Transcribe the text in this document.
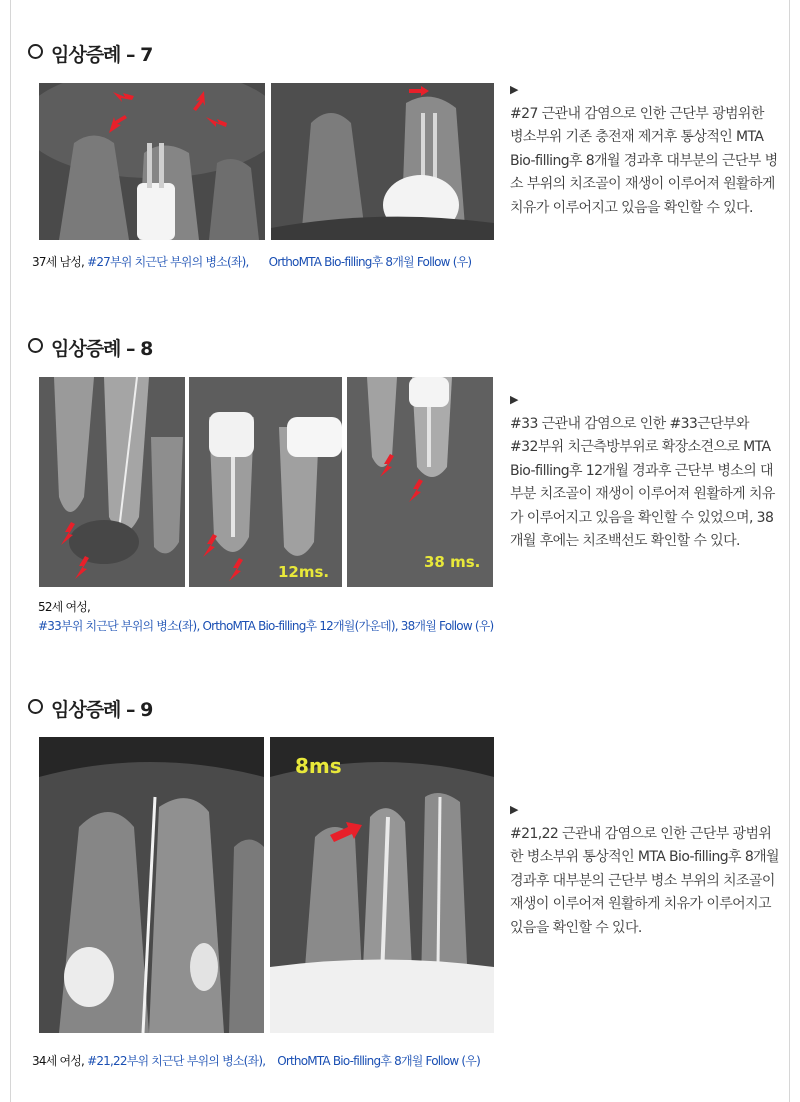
임상증례 – 7
37세 남성, #27부위 치근단 부위의 병소(좌), OrthoMTA Bio-filling후 8개월 Follow (우)
▶
#27 근관내 감염으로 인한 근단부 광범위한 병소부위 기존 충전재 제거후 통상적인 MTA Bio-filling후 8개월 경과후 대부분의 근단부 병소 부위의 치조골이 재생이 이루어져 원활하게 치유가 이루어지고 있음을 확인할 수 있다.
임상증례 – 8
12ms.
38 ms.
52세 여성,
#33부위 치근단 부위의 병소(좌), OrthoMTA Bio-filling후 12개월(가운데), 38개월 Follow (우)
▶
#33 근관내 감염으로 인한 #33근단부와 #32부위 치근측방부위로 확장소견으로 MTA Bio-filling후 12개월 경과후 근단부 병소의 대부분 치조골이 재생이 이루어져 원활하게 치유가 이루어지고 있음을 확인할 수 있었으며, 38개월 후에는 치조백선도 확인할 수 있다.
임상증례 – 9
8ms
34세 여성, #21,22부위 치근단 부위의 병소(좌), OrthoMTA Bio-filling후 8개월 Follow (우)
▶
#21,22 근관내 감염으로 인한 근단부 광범위한 병소부위 통상적인 MTA Bio-filling후 8개월 경과후 대부분의 근단부 병소 부위의 치조골이 재생이 이루어져 원활하게 치유가 이루어지고 있음을 확인할 수 있다.
